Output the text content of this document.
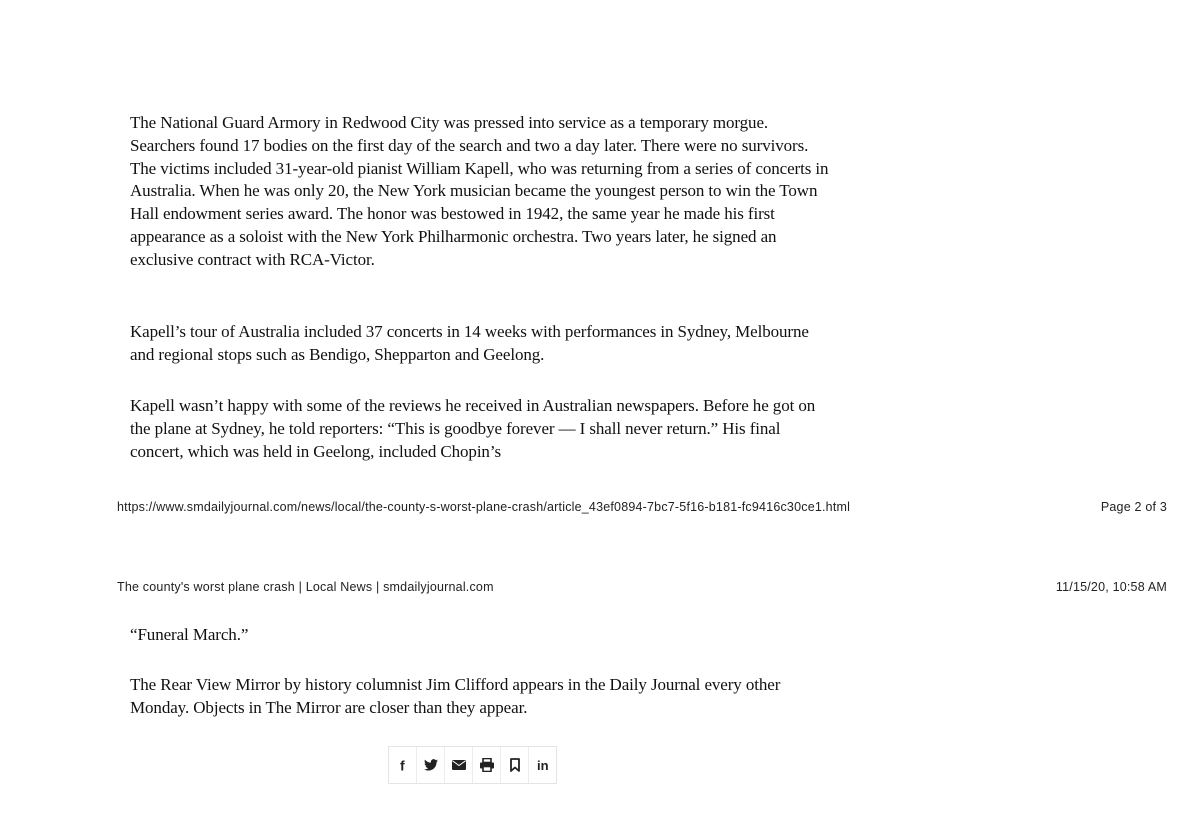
The National Guard Armory in Redwood City was pressed into service as a temporary morgue. Searchers found 17 bodies on the first day of the search and two a day later. There were no survivors. The victims included 31-year-old pianist William Kapell, who was returning from a series of concerts in Australia. When he was only 20, the New York musician became the youngest person to win the Town Hall endowment series award. The honor was bestowed in 1942, the same year he made his first appearance as a soloist with the New York Philharmonic orchestra. Two years later, he signed an exclusive contract with RCA-Victor.

Kapell’s tour of Australia included 37 concerts in 14 weeks with performances in Sydney, Melbourne and regional stops such as Bendigo, Shepparton and Geelong.

Kapell wasn’t happy with some of the reviews he received in Australian newspapers. Before he got on the plane at Sydney, he told reporters: “This is goodbye forever — I shall never return.” His final concert, which was held in Geelong, included Chopin’s

https://www.smdailyjournal.com/news/local/the-county-s-worst-plane-crash/article_43ef0894-7bc7-5f16-b181-fc9416c30ce1.html	Page 2 of 3
The county's worst plane crash | Local News | smdailyjournal.com	11/15/20, 10:58 AM

“Funeral March.”

The Rear View Mirror by history columnist Jim Clifford appears in the Daily Journal every other Monday. Objects in The Mirror are closer than they appear.

f	in
